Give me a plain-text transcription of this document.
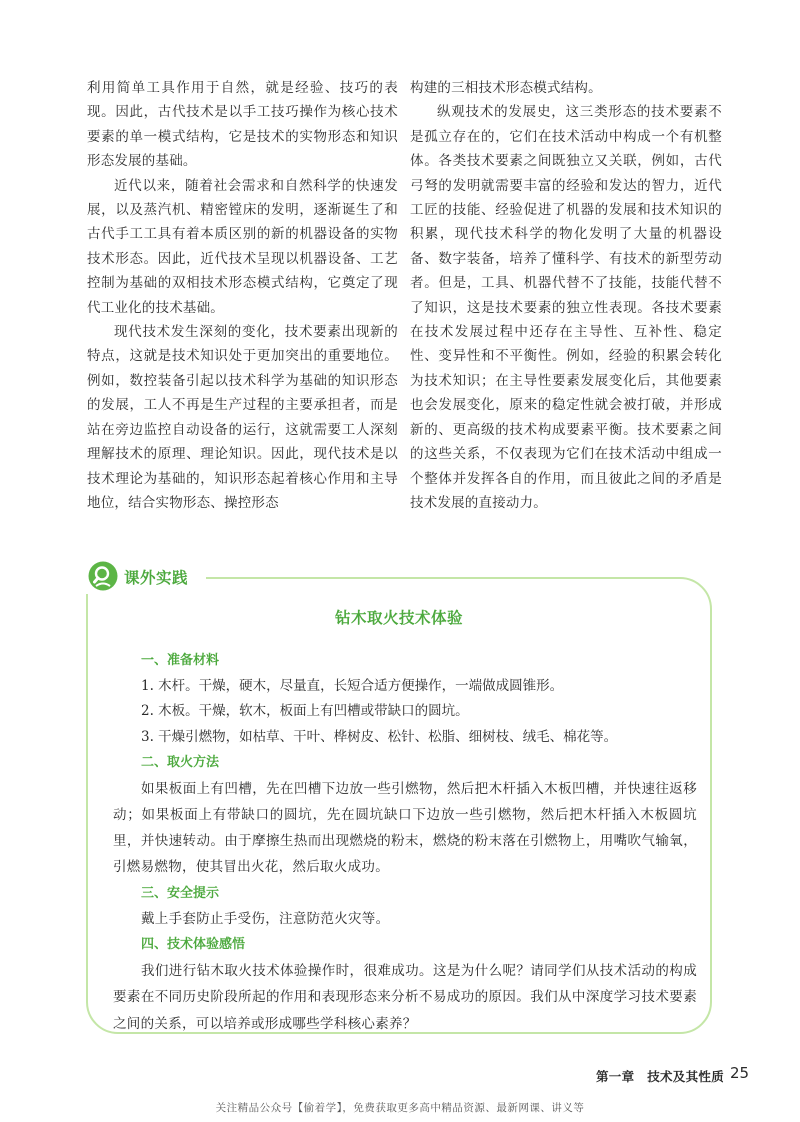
利用简单工具作用于自然，就是经验、技巧的表现。因此，古代技术是以手工技巧操作为核心技术要素的单一模式结构，它是技术的实物形态和知识形态发展的基础。

近代以来，随着社会需求和自然科学的快速发展，以及蒸汽机、精密镗床的发明，逐渐诞生了和古代手工工具有着本质区别的新的机器设备的实物技术形态。因此，近代技术呈现以机器设备、工艺控制为基础的双相技术形态模式结构，它奠定了现代工业化的技术基础。

现代技术发生深刻的变化，技术要素出现新的特点，这就是技术知识处于更加突出的重要地位。例如，数控装备引起以技术科学为基础的知识形态的发展，工人不再是生产过程的主要承担者，而是站在旁边监控自动设备的运行，这就需要工人深刻理解技术的原理、理论知识。因此，现代技术是以技术理论为基础的，知识形态起着核心作用和主导地位，结合实物形态、操控形态

构建的三相技术形态模式结构。

纵观技术的发展史，这三类形态的技术要素不是孤立存在的，它们在技术活动中构成一个有机整体。各类技术要素之间既独立又关联，例如，古代弓弩的发明就需要丰富的经验和发达的智力，近代工匠的技能、经验促进了机器的发展和技术知识的积累，现代技术科学的物化发明了大量的机器设备、数字装备，培养了懂科学、有技术的新型劳动者。但是，工具、机器代替不了技能，技能代替不了知识，这是技术要素的独立性表现。各技术要素在技术发展过程中还存在主导性、互补性、稳定性、变异性和不平衡性。例如，经验的积累会转化为技术知识；在主导性要素发展变化后，其他要素也会发展变化，原来的稳定性就会被打破，并形成新的、更高级的技术构成要素平衡。技术要素之间的这些关系，不仅表现为它们在技术活动中组成一个整体并发挥各自的作用，而且彼此之间的矛盾是技术发展的直接动力。

课外实践
钻木取火技术体验
一、准备材料

1. 木杆。干燥，硬木，尽量直，长短合适方便操作，一端做成圆锥形。

2. 木板。干燥，软木，板面上有凹槽或带缺口的圆坑。

3. 干燥引燃物，如枯草、干叶、桦树皮、松针、松脂、细树枝、绒毛、棉花等。

二、取火方法

如果板面上有凹槽，先在凹槽下边放一些引燃物，然后把木杆插入木板凹槽，并快速往返移动；如果板面上有带缺口的圆坑，先在圆坑缺口下边放一些引燃物，然后把木杆插入木板圆坑里，并快速转动。由于摩擦生热而出现燃烧的粉末，燃烧的粉末落在引燃物上，用嘴吹气输氧，引燃易燃物，使其冒出火花，然后取火成功。

三、安全提示

戴上手套防止手受伤，注意防范火灾等。

四、技术体验感悟

我们进行钻木取火技术体验操作时，很难成功。这是为什么呢？请同学们从技术活动的构成要素在不同历史阶段所起的作用和表现形态来分析不易成功的原因。我们从中深度学习技术要素之间的关系，可以培养或形成哪些学科核心素养？

第一章　技术及其性质 25
关注精品公众号【偷着学】，免费获取更多高中精品资源、最新网课、讲义等
